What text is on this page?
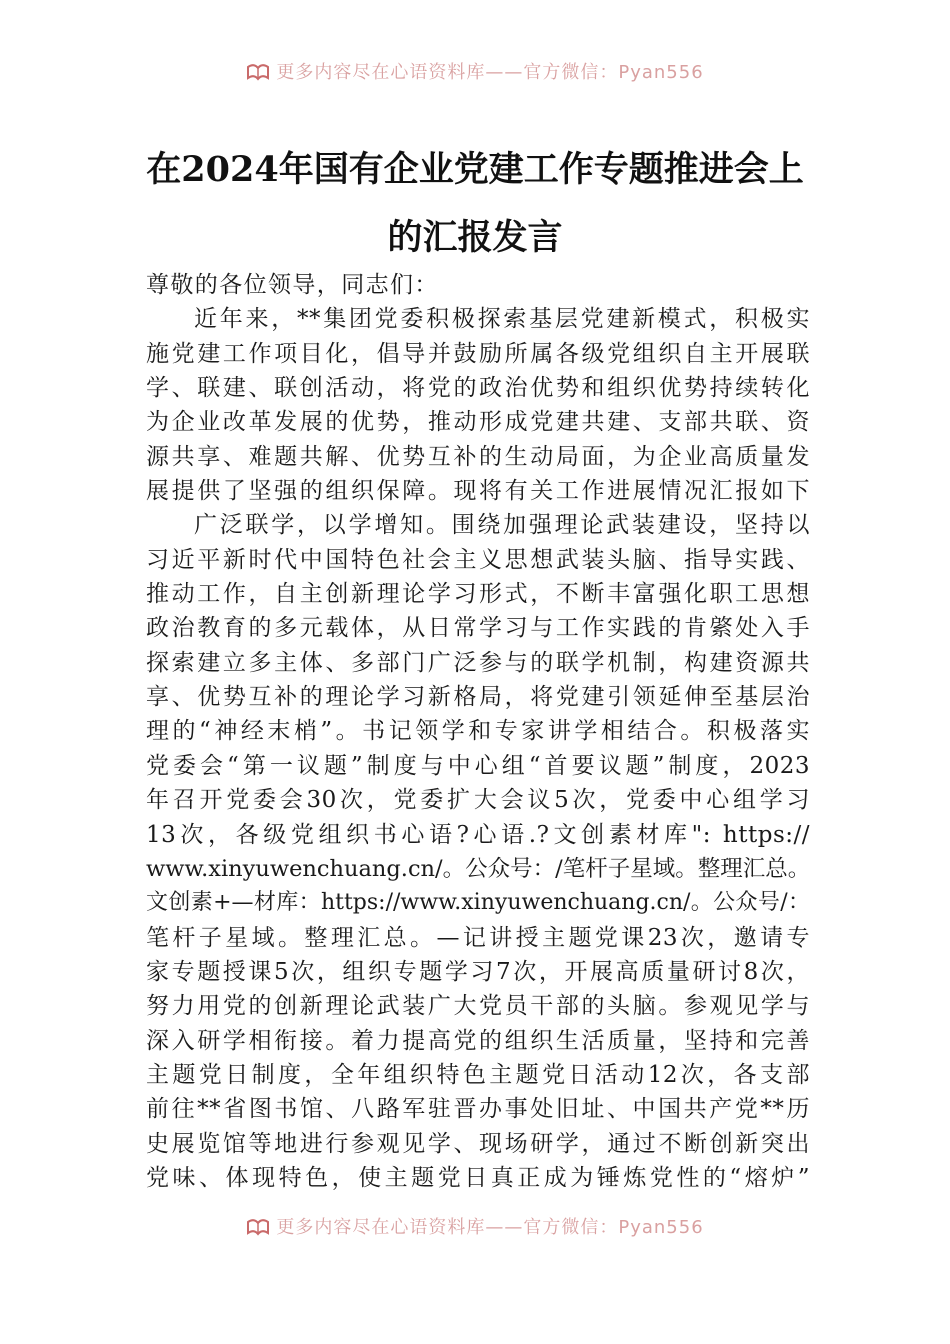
更多内容尽在心语资料库——官方微信：Pyan556
在2024年国有企业党建工作专题推进会上
的汇报发言
尊敬的各位领导，同志们：
近年来，**集团党委积极探索基层党建新模式，积极实
施党建工作项目化，倡导并鼓励所属各级党组织自主开展联
学、联建、联创活动，将党的政治优势和组织优势持续转化
为企业改革发展的优势，推动形成党建共建、支部共联、资
源共享、难题共解、优势互补的生动局面，为企业高质量发
展提供了坚强的组织保障。现将有关工作进展情况汇报如下
广泛联学，以学增知。围绕加强理论武装建设，坚持以
习近平新时代中国特色社会主义思想武装头脑、指导实践、
推动工作，自主创新理论学习形式，不断丰富强化职工思想
政治教育的多元载体，从日常学习与工作实践的肯綮处入手
探索建立多主体、多部门广泛参与的联学机制，构建资源共
享、优势互补的理论学习新格局，将党建引领延伸至基层治
理的“神经末梢”。书记领学和专家讲学相结合。积极落实
党委会“第一议题”制度与中心组“首要议题”制度，2023
年召开党委会30次，党委扩大会议5次，党委中心组学习
13次，各级党组织书心语?心语.?文创素材库": https://
www.xinyuwenchuang.cn/。公众号：/笔杆子星域。整理汇总。
文创素+—材库：https://www.xinyuwenchuang.cn/。公众号/：
笔杆子星域。整理汇总。—记讲授主题党课23次，邀请专
家专题授课5次，组织专题学习7次，开展高质量研讨8次，
努力用党的创新理论武装广大党员干部的头脑。参观见学与
深入研学相衔接。着力提高党的组织生活质量，坚持和完善
主题党日制度，全年组织特色主题党日活动12次，各支部
前往**省图书馆、八路军驻晋办事处旧址、中国共产党**历
史展览馆等地进行参观见学、现场研学，通过不断创新突出
党味、体现特色，使主题党日真正成为锤炼党性的“熔炉”
更多内容尽在心语资料库——官方微信：Pyan556
